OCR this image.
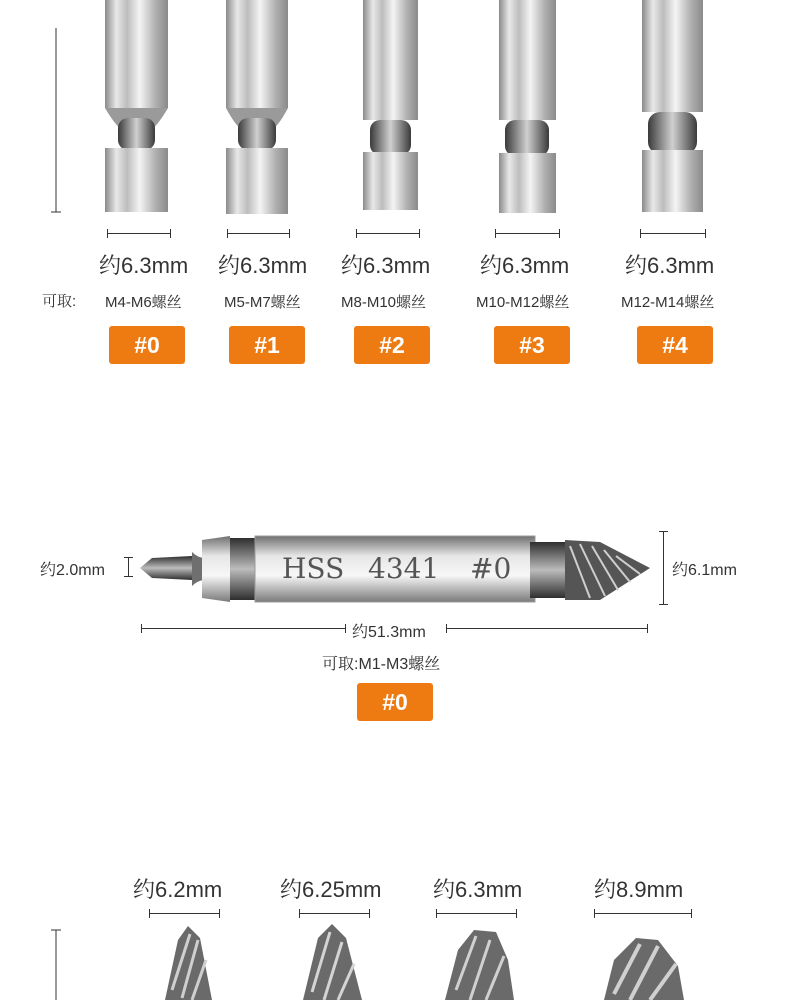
约6.3mm 约6.3mm 约6.3mm 约6.3mm	约6.3mm
可取: M4-M6螺丝	M5-M7螺丝	M8-M10螺丝	M10-M12螺丝	M12-M14螺丝
#0	#1	#2	#3	#4
HSS 4341 #0
约2.0mm	约6.1mm
约51.3mm
可取:M1-M3螺丝
#0
约6.2mm	约6.25mm 约6.3mm	约8.9mm
